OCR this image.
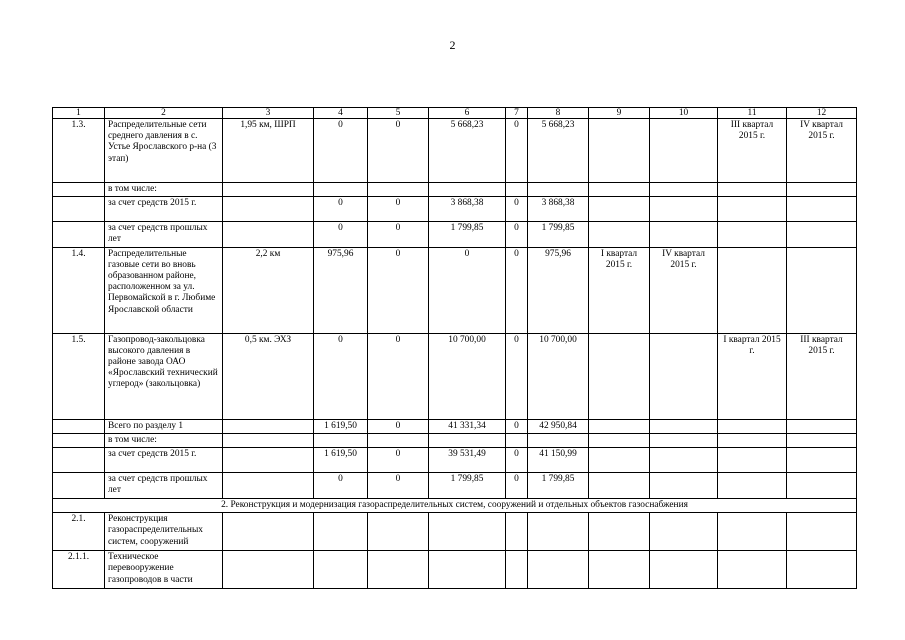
2
1	2	3	4	5	6	7	8	9	10	11	12
1.3.	Распределительные сети среднего давления в с. Устье Ярославского р-на (3 этап)	1,95 км, ШРП	0	0	5 668,23	0	5 668,23			III квартал 2015 г.	IV квартал 2015 г.
	в том числе:										
	за счет средств 2015 г.		0	0	3 868,38	0	3 868,38				
	за счет средств прошлых лет		0	0	1 799,85	0	1 799,85				
1.4.	Распределительные газовые сети во вновь образованном районе, расположенном за ул. Первомайской в г. Любиме Ярославской области	2,2 км	975,96	0	0	0	975,96	I квартал 2015 г.	IV квартал 2015 г.		
1.5.	Газопровод-закольцовка высокого давления в районе завода ОАО «Ярославский технический углерод» (закольцовка)	0,5 км. ЭХЗ	0	0	10 700,00	0	10 700,00			I квартал 2015 г.	III квартал 2015 г.
	Всего по разделу 1		1 619,50	0	41 331,34	0	42 950,84				
	в том числе:										
	за счет средств 2015 г.		1 619,50	0	39 531,49	0	41 150,99				
	за счет средств прошлых лет		0	0	1 799,85	0	1 799,85				
2. Реконструкция и модернизация газораспределительных систем, сооружений и отдельных объектов газоснабжения											
2.1.	Реконструкция газораспределительных систем, сооружений										
2.1.1.	Техническое перевооружение газопроводов в части										
